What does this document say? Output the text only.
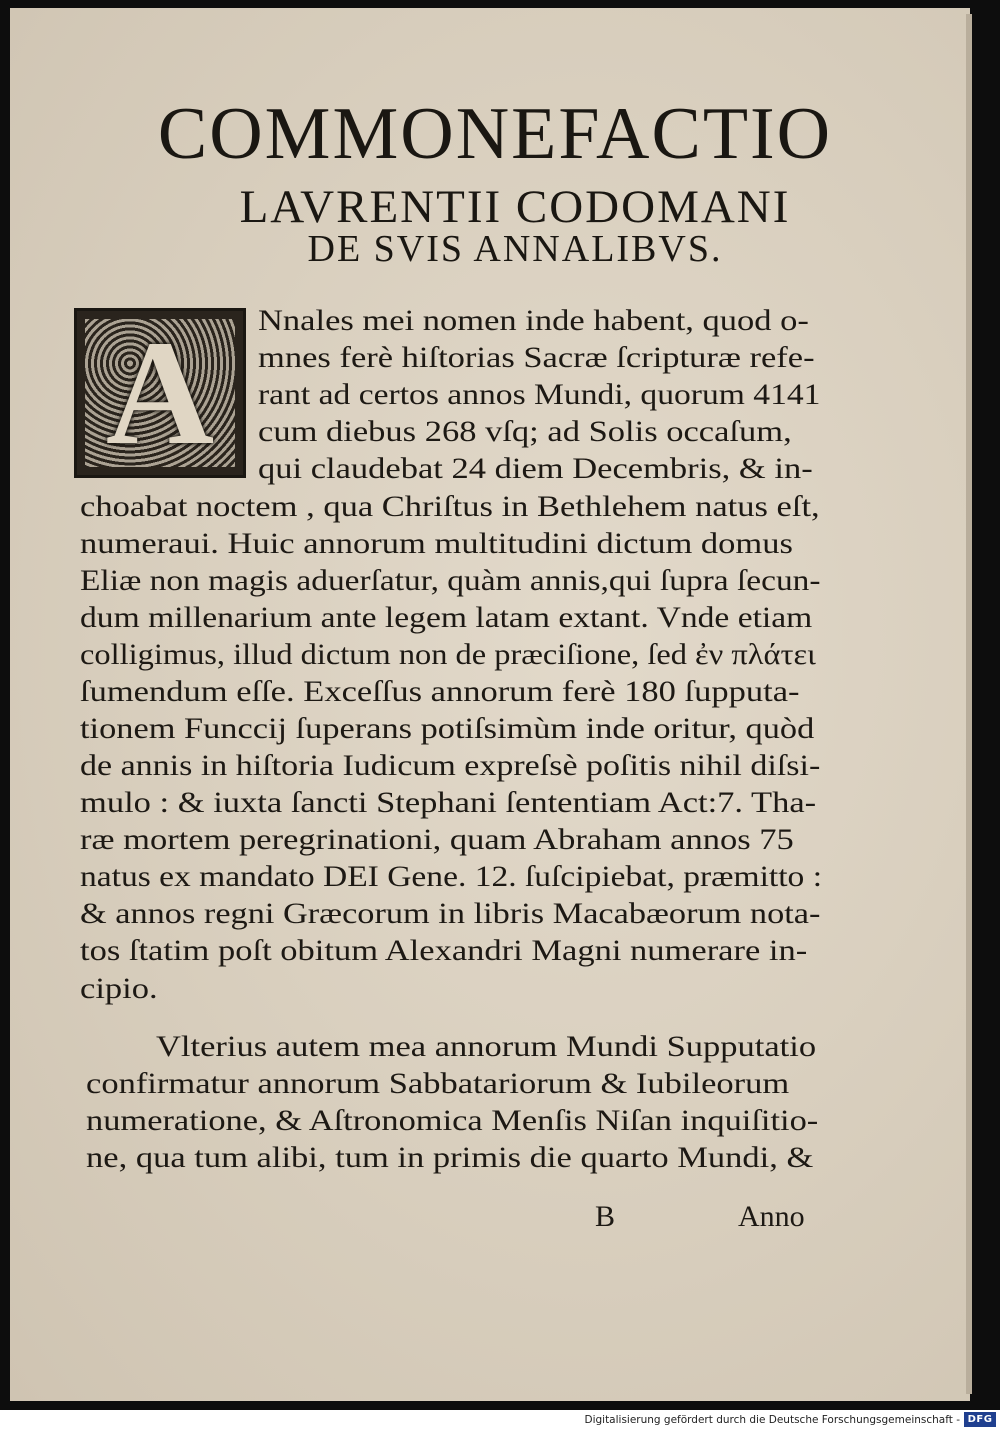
COMMONEFACTIO
LAVRENTII CODOMANI
DE SVIS ANNALIBVS.
A	Nnales mei nomen inde habent, quod o-
mnes ferè hiſtorias Sacræ ſcripturæ refe-
rant ad certos annos Mundi, quorum 4141
cum diebus 268 vſq; ad Solis occaſum,
qui claudebat 24 diem Decembris, & in-
choabat noctem , qua Chriſtus in Bethlehem natus eſt,
numeraui. Huic annorum multitudini dictum domus
Eliæ non magis aduerſatur, quàm annis,qui ſupra ſecun-
dum millenarium ante legem latam extant. Vnde etiam
colligimus, illud dictum non de præciſione, ſed ἐν πλάτει
ſumendum eſſe. Exceſſus annorum ferè 180 ſupputa-
tionem Funccij ſuperans potiſsimùm inde oritur, quòd
de annis in hiſtoria Iudicum expreſsè poſitis nihil diſsi-
mulo : & iuxta ſancti Stephani ſententiam Act:7. Tha-
ræ mortem peregrinationi, quam Abraham annos 75
natus ex mandato DEI Gene. 12. ſuſcipiebat, præmitto :
& annos regni Græcorum in libris Macabæorum nota-
tos ſtatim poſt obitum Alexandri Magni numerare in-
cipio.
Vlterius autem mea annorum Mundi Supputatio
confirmatur annorum Sabbatariorum & Iubileorum
numeratione, & Aſtronomica Menſis Niſan inquiſitio-
ne, qua tum alibi, tum in primis die quarto Mundi, &
B	Anno
Digitalisierung gefördert durch die Deutsche Forschungsgemeinschaft - DFG
